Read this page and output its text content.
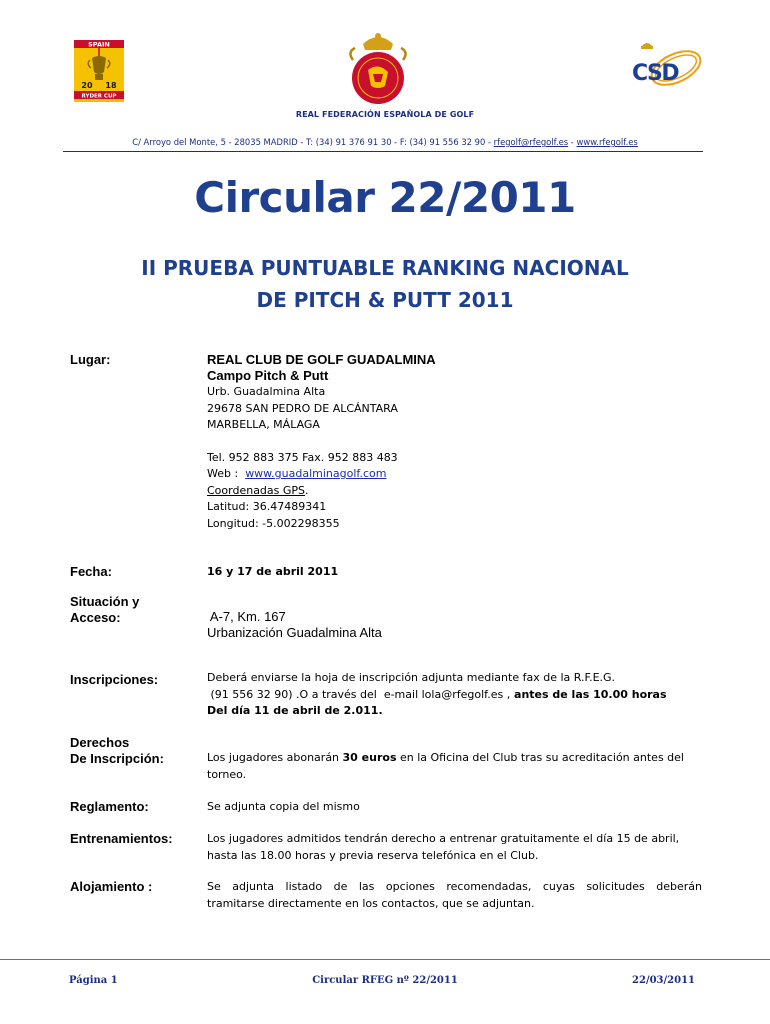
SPAIN
20 18
RYDER CUP
CSD
REAL FEDERACIÓN ESPAÑOLA DE GOLF
C/ Arroyo del Monte, 5 - 28035 MADRID - T: (34) 91 376 91 30 - F: (34) 91 556 32 90 - rfegolf@rfegolf.es - www.rfegolf.es
Circular 22/2011
II PRUEBA PUNTUABLE RANKING NACIONAL
DE PITCH & PUTT 2011
Lugar:	REAL CLUB DE GOLF GUADALMINA
Campo Pitch & Putt
Urb. Guadalmina Alta
29678 SAN PEDRO DE ALCÁNTARA
MARBELLA, MÁLAGA
Tel. 952 883 375 Fax. 952 883 483
Web :  www.guadalminagolf.com
Coordenadas GPS.
Latitud: 36.47489341
Longitud: -5.002298355
Fecha:	16 y 17 de abril 2011
Situación y
Acceso:	A-7, Km. 167
Urbanización Guadalmina Alta
Inscripciones:	Deberá enviarse la hoja de inscripción adjunta mediante fax de la R.F.E.G.
(91 556 32 90) .O a través del  e-mail lola@rfegolf.es , antes de las 10.00 horas
Del día 11 de abril de 2.011.
Derechos
De Inscripción:	Los jugadores abonarán 30 euros en la Oficina del Club tras su acreditación antes del
torneo.
Reglamento:	Se adjunta copia del mismo
Entrenamientos:	Los jugadores admitidos tendrán derecho a entrenar gratuitamente el día 15 de abril,
hasta las 18.00 horas y previa reserva telefónica en el Club.
Alojamiento :	Se adjunta listado de las opciones recomendadas, cuyas solicitudes deberán
tramitarse directamente en los contactos, que se adjuntan.
Página 1	Circular RFEG nº 22/2011	22/03/2011
